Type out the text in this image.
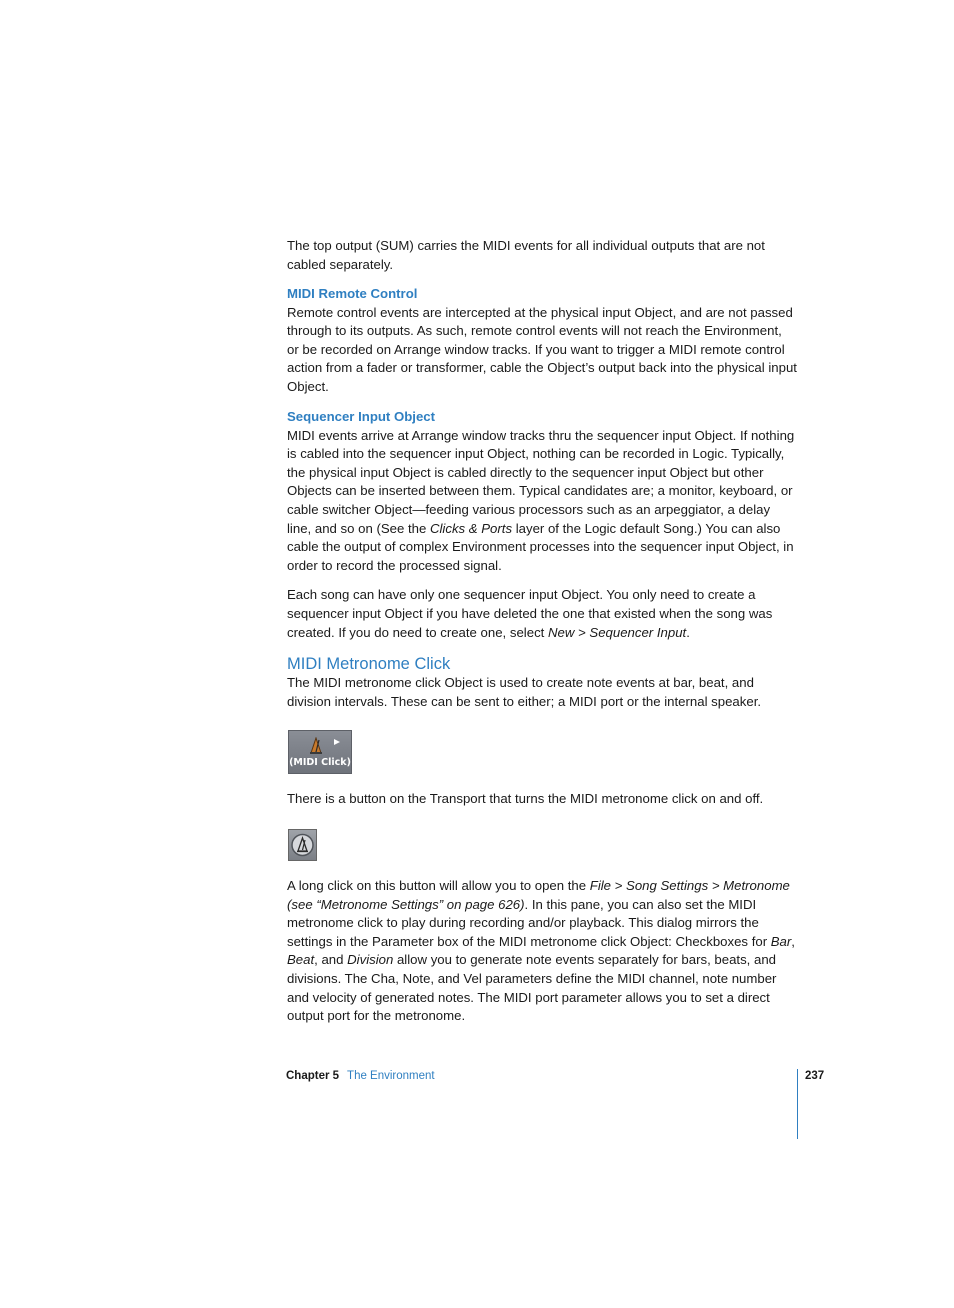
The top output (SUM) carries the MIDI events for all individual outputs that are not cabled separately.

MIDI Remote Control

Remote control events are intercepted at the physical input Object, and are not passed through to its outputs. As such, remote control events will not reach the Environment, or be recorded on Arrange window tracks. If you want to trigger a MIDI remote control action from a fader or transformer, cable the Object’s output back into the physical input Object.

Sequencer Input Object

MIDI events arrive at Arrange window tracks thru the sequencer input Object. If nothing is cabled into the sequencer input Object, nothing can be recorded in Logic. Typically, the physical input Object is cabled directly to the sequencer input Object but other Objects can be inserted between them. Typical candidates are; a monitor, keyboard, or cable switcher Object—feeding various processors such as an arpeggiator, a delay line, and so on (See the Clicks & Ports layer of the Logic default Song.) You can also cable the output of complex Environment processes into the sequencer input Object, in order to record the processed signal.

Each song can have only one sequencer input Object. You only need to create a sequencer input Object if you have deleted the one that existed when the song was created. If you do need to create one, select New > Sequencer Input.

MIDI Metronome Click

The MIDI metronome click Object is used to create note events at bar, beat, and division intervals. These can be sent to either; a MIDI port or the internal speaker.

(MIDI Click)

There is a button on the Transport that turns the MIDI metronome click on and off.

A long click on this button will allow you to open the File > Song Settings > Metronome (see “Metronome Settings” on page 626). In this pane, you can also set the MIDI metronome click to play during recording and/or playback. This dialog mirrors the settings in the Parameter box of the MIDI metronome click Object: Checkboxes for Bar, Beat, and Division allow you to generate note events separately for bars, beats, and divisions. The Cha, Note, and Vel parameters define the MIDI channel, note number and velocity of generated notes. The MIDI port parameter allows you to set a direct output port for the metronome.

Chapter 5 The Environment	237
